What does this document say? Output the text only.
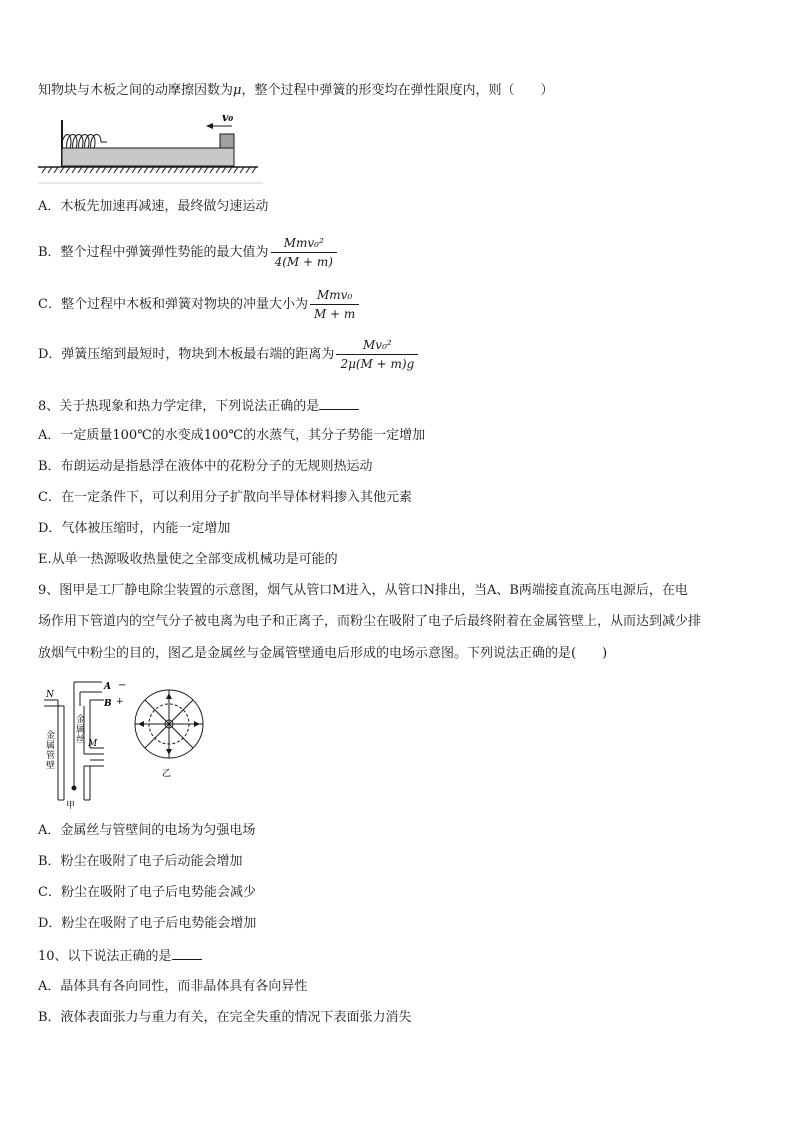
知物块与木板之间的动摩擦因数为μ，整个过程中弹簧的形变均在弹性限度内，则（　　）
v₀
A．木板先加速再减速，最终做匀速运动
B．整个过程中弹簧弹性势能的最大值为 $\frac{\text{Mmv₀²}}{4(M + m)}$
C．整个过程中木板和弹簧对物块的冲量大小为 $\frac{\text{Mmv₀}}{M + m}$
D．弹簧压缩到最短时，物块到木板最右端的距离为 $\frac{\text{Mv₀²}}{2\mu(M + m)g}$
8、关于热现象和热力学定律，下列说法正确的是
A．一定质量100℃的水变成100℃的水蒸气，其分子势能一定增加
B．布朗运动是指悬浮在液体中的花粉分子的无规则热运动
C．在一定条件下，可以利用分子扩散向半导体材料掺入其他元素
D．气体被压缩时，内能一定增加
E.从单一热源吸收热量使之全部变成机械功是可能的
9、图甲是工厂静电除尘装置的示意图，烟气从管口M进入，从管口N排出，当A、B两端接直流高压电源后，在电
场作用下管道内的空气分子被电离为电子和正离子，而粉尘在吸附了电子后最终附着在金属管壁上，从而达到减少排
放烟气中粉尘的目的，图乙是金属丝与金属管壁通电后形成的电场示意图。下列说法正确的是(　　)
A −
B +
N
M
甲
金
属
丝
金
属
管
壁
乙
A．金属丝与管壁间的电场为匀强电场
B．粉尘在吸附了电子后动能会增加
C．粉尘在吸附了电子后电势能会减少
D．粉尘在吸附了电子后电势能会增加
10、以下说法正确的是
A．晶体具有各向同性，而非晶体具有各向异性
B．液体表面张力与重力有关，在完全失重的情况下表面张力消失
